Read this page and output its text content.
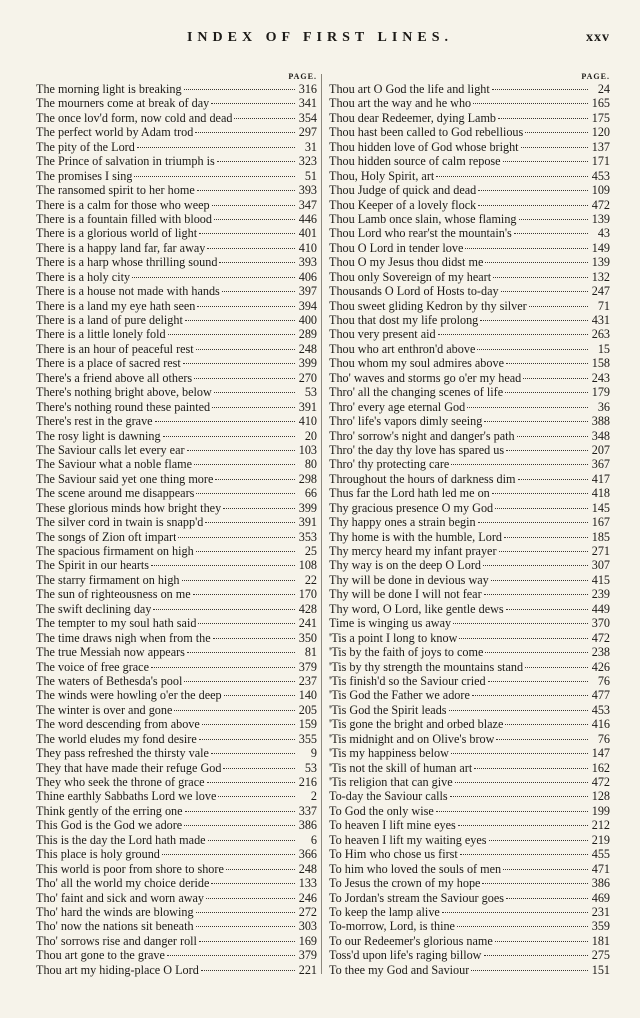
INDEX OF FIRST LINES.	xxv
PAGE.
The morning light is breaking	316
The mourners come at break of day	341
The once lov'd form, now cold and dead	354
The perfect world by Adam trod	297
The pity of the Lord	31
The Prince of salvation in triumph is	323
The promises I sing	51
The ransomed spirit to her home	393
There is a calm for those who weep	347
There is a fountain filled with blood	446
There is a glorious world of light	401
There is a happy land far, far away	410
There is a harp whose thrilling sound	393
There is a holy city	406
There is a house not made with hands	397
There is a land my eye hath seen	394
There is a land of pure delight	400
There is a little lonely fold	289
There is an hour of peaceful rest	248
There is a place of sacred rest	399
There's a friend above all others	270
There's nothing bright above, below	53
There's nothing round these painted	391
There's rest in the grave	410
The rosy light is dawning	20
The Saviour calls let every ear	103
The Saviour what a noble flame	80
The Saviour said yet one thing more	298
The scene around me disappears	66
These glorious minds how bright they	399
The silver cord in twain is snapp'd	391
The songs of Zion oft impart	353
The spacious firmament on high	25
The Spirit in our hearts	108
The starry firmament on high	22
The sun of righteousness on me	170
The swift declining day	428
The tempter to my soul hath said	241
The time draws nigh when from the	350
The true Messiah now appears	81
The voice of free grace	379
The waters of Bethesda's pool	237
The winds were howling o'er the deep	140
The winter is over and gone	205
The word descending from above	159
The world eludes my fond desire	355
They pass refreshed the thirsty vale	9
They that have made their refuge God	53
They who seek the throne of grace	216
Thine earthly Sabbaths Lord we love	2
Think gently of the erring one	337
This God is the God we adore	386
This is the day the Lord hath made	6
This place is holy ground	366
This world is poor from shore to shore	248
Tho' all the world my choice deride	133
Tho' faint and sick and worn away	246
Tho' hard the winds are blowing	272
Tho' now the nations sit beneath	303
Tho' sorrows rise and danger roll	169
Thou art gone to the grave	379
Thou art my hiding-place O Lord	221
PAGE.
Thou art O God the life and light	24
Thou art the way and he who	165
Thou dear Redeemer, dying Lamb	175
Thou hast been called to God rebellious	120
Thou hidden love of God whose bright	137
Thou hidden source of calm repose	171
Thou, Holy Spirit, art	453
Thou Judge of quick and dead	109
Thou Keeper of a lovely flock	472
Thou Lamb once slain, whose flaming	139
Thou Lord who rear'st the mountain's	43
Thou O Lord in tender love	149
Thou O my Jesus thou didst me	139
Thou only Sovereign of my heart	132
Thousands O Lord of Hosts to-day	247
Thou sweet gliding Kedron by thy silver	71
Thou that dost my life prolong	431
Thou very present aid	263
Thou who art enthron'd above	15
Thou whom my soul admires above	158
Tho' waves and storms go o'er my head	243
Thro' all the changing scenes of life	179
Thro' every age eternal God	36
Thro' life's vapors dimly seeing	388
Thro' sorrow's night and danger's path	348
Thro' the day thy love has spared us	207
Thro' thy protecting care	367
Throughout the hours of darkness dim	417
Thus far the Lord hath led me on	418
Thy gracious presence O my God	145
Thy happy ones a strain begin	167
Thy home is with the humble, Lord	185
Thy mercy heard my infant prayer	271
Thy way is on the deep O Lord	307
Thy will be done in devious way	415
Thy will be done I will not fear	239
Thy word, O Lord, like gentle dews	449
Time is winging us away	370
'Tis a point I long to know	472
'Tis by the faith of joys to come	238
'Tis by thy strength the mountains stand	426
'Tis finish'd so the Saviour cried	76
'Tis God the Father we adore	477
'Tis God the Spirit leads	453
'Tis gone the bright and orbed blaze	416
'Tis midnight and on Olive's brow	76
'Tis my happiness below	147
'Tis not the skill of human art	162
'Tis religion that can give	472
To-day the Saviour calls	128
To God the only wise	199
To heaven I lift mine eyes	212
To heaven I lift my waiting eyes	219
To Him who chose us first	455
To him who loved the souls of men	471
To Jesus the crown of my hope	386
To Jordan's stream the Saviour goes	469
To keep the lamp alive	231
To-morrow, Lord, is thine	359
To our Redeemer's glorious name	181
Toss'd upon life's raging billow	275
To thee my God and Saviour	151
